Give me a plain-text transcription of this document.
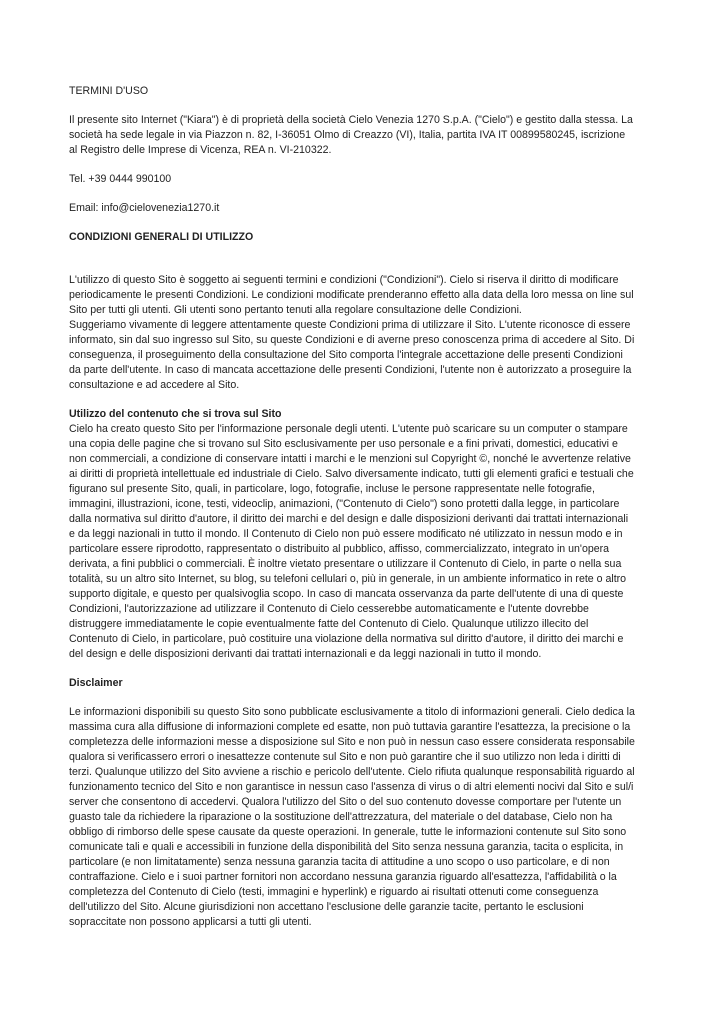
TERMINI D'USO

Il presente sito Internet ("Kiara") è di proprietà della società Cielo Venezia 1270 S.p.A. ("Cielo") e gestito dalla stessa. La
società ha sede legale in via Piazzon n. 82, I-36051 Olmo di Creazzo (VI), Italia, partita IVA IT 00899580245, iscrizione
al Registro delle Imprese di Vicenza, REA n. VI-210322.

Tel. +39 0444 990100

Email: info@cielovenezia1270.it

CONDIZIONI GENERALI DI UTILIZZO

L'utilizzo di questo Sito è soggetto ai seguenti termini e condizioni ("Condizioni"). Cielo si riserva il diritto di modificare
periodicamente le presenti Condizioni. Le condizioni modificate prenderanno effetto alla data della loro messa on line sul
Sito per tutti gli utenti. Gli utenti sono pertanto tenuti alla regolare consultazione delle Condizioni.
Suggeriamo vivamente di leggere attentamente queste Condizioni prima di utilizzare il Sito. L'utente riconosce di essere
informato, sin dal suo ingresso sul Sito, su queste Condizioni e di averne preso conoscenza prima di accedere al Sito. Di
conseguenza, il proseguimento della consultazione del Sito comporta l'integrale accettazione delle presenti Condizioni
da parte dell'utente. In caso di mancata accettazione delle presenti Condizioni, l'utente non è autorizzato a proseguire la
consultazione e ad accedere al Sito.

Utilizzo del contenuto che si trova sul Sito

Cielo ha creato questo Sito per l'informazione personale degli utenti. L'utente può scaricare su un computer o stampare
una copia delle pagine che si trovano sul Sito esclusivamente per uso personale e a fini privati, domestici, educativi e
non commerciali, a condizione di conservare intatti i marchi e le menzioni sul Copyright ©, nonché le avvertenze relative
ai diritti di proprietà intellettuale ed industriale di Cielo. Salvo diversamente indicato, tutti gli elementi grafici e testuali che
figurano sul presente Sito, quali, in particolare, logo, fotografie, incluse le persone rappresentate nelle fotografie,
immagini, illustrazioni, icone, testi, videoclip, animazioni, ("Contenuto di Cielo") sono protetti dalla legge, in particolare
dalla normativa sul diritto d'autore, il diritto dei marchi e del design e dalle disposizioni derivanti dai trattati internazionali
e da leggi nazionali in tutto il mondo. Il Contenuto di Cielo non può essere modificato né utilizzato in nessun modo e in
particolare essere riprodotto, rappresentato o distribuito al pubblico, affisso, commercializzato, integrato in un'opera
derivata, a fini pubblici o commerciali. È inoltre vietato presentare o utilizzare il Contenuto di Cielo, in parte o nella sua
totalità, su un altro sito Internet, su blog, su telefoni cellulari o, più in generale, in un ambiente informatico in rete o altro
supporto digitale, e questo per qualsivoglia scopo. In caso di mancata osservanza da parte dell'utente di una di queste
Condizioni, l'autorizzazione ad utilizzare il Contenuto di Cielo cesserebbe automaticamente e l'utente dovrebbe
distruggere immediatamente le copie eventualmente fatte del Contenuto di Cielo. Qualunque utilizzo illecito del
Contenuto di Cielo, in particolare, può costituire una violazione della normativa sul diritto d'autore, il diritto dei marchi e
del design e delle disposizioni derivanti dai trattati internazionali e da leggi nazionali in tutto il mondo.

Disclaimer

Le informazioni disponibili su questo Sito sono pubblicate esclusivamente a titolo di informazioni generali. Cielo dedica la
massima cura alla diffusione di informazioni complete ed esatte, non può tuttavia garantire l'esattezza, la precisione o la
completezza delle informazioni messe a disposizione sul Sito e non può in nessun caso essere considerata responsabile
qualora si verificassero errori o inesattezze contenute sul Sito e non può garantire che il suo utilizzo non leda i diritti di
terzi. Qualunque utilizzo del Sito avviene a rischio e pericolo dell'utente. Cielo rifiuta qualunque responsabilità riguardo al
funzionamento tecnico del Sito e non garantisce in nessun caso l'assenza di virus o di altri elementi nocivi dal Sito e sul/i
server che consentono di accedervi. Qualora l'utilizzo del Sito o del suo contenuto dovesse comportare per l'utente un
guasto tale da richiedere la riparazione o la sostituzione dell'attrezzatura, del materiale o del database, Cielo non ha
obbligo di rimborso delle spese causate da queste operazioni. In generale, tutte le informazioni contenute sul Sito sono
comunicate tali e quali e accessibili in funzione della disponibilità del Sito senza nessuna garanzia, tacita o esplicita, in
particolare (e non limitatamente) senza nessuna garanzia tacita di attitudine a uno scopo o uso particolare, e di non
contraffazione. Cielo e i suoi partner fornitori non accordano nessuna garanzia riguardo all'esattezza, l'affidabilità o la
completezza del Contenuto di Cielo (testi, immagini e hyperlink) e riguardo ai risultati ottenuti come conseguenza
dell'utilizzo del Sito. Alcune giurisdizioni non accettano l'esclusione delle garanzie tacite, pertanto le esclusioni
sopraccitate non possono applicarsi a tutti gli utenti.
